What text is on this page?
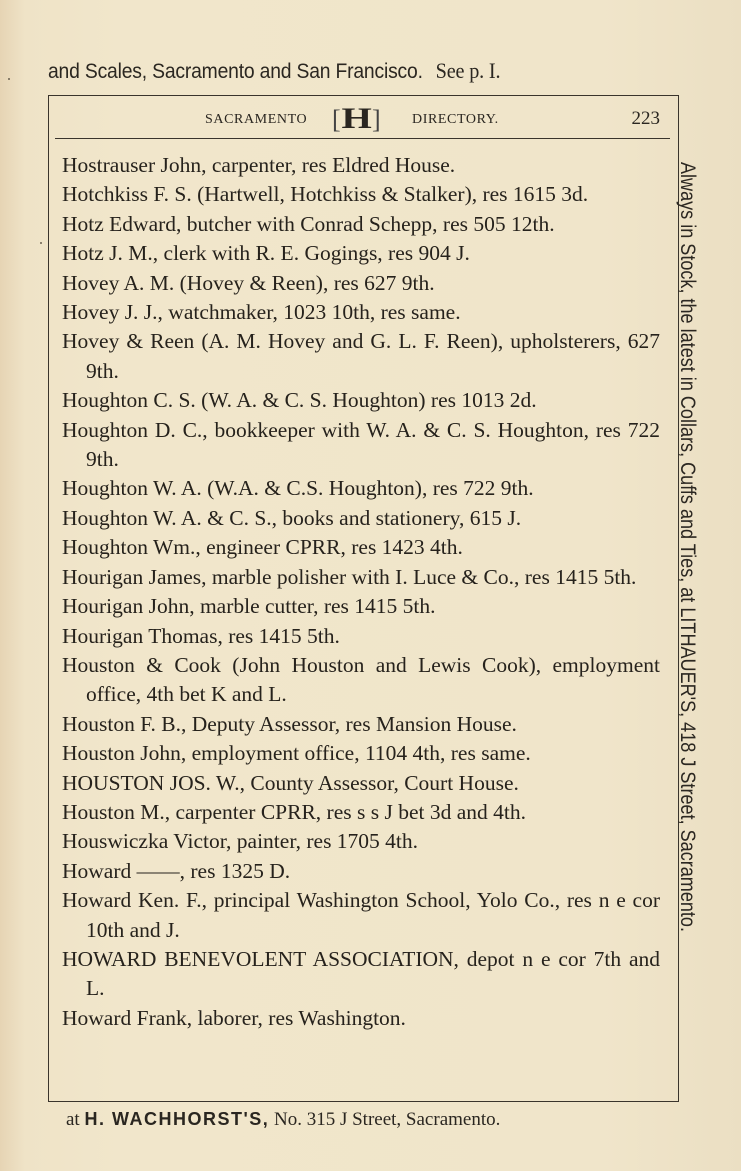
and Scales, Sacramento and San Francisco. See p. I.
SACRAMENTO [H] DIRECTORY.	223
Hostrauser John, carpenter, res Eldred House.
Hotchkiss F. S. (Hartwell, Hotchkiss & Stalker), res 1615 3d.
Hotz Edward, butcher with Conrad Schepp, res 505 12th.
Hotz J. M., clerk with R. E. Gogings, res 904 J.
Hovey A. M. (Hovey & Reen), res 627 9th.
Hovey J. J., watchmaker, 1023 10th, res same.
Hovey & Reen (A. M. Hovey and G. L. F. Reen), upholsterers, 627 9th.
Houghton C. S. (W. A. & C. S. Houghton) res 1013 2d.
Houghton D. C., bookkeeper with W. A. & C. S. Houghton, res 722 9th.
Houghton W. A. (W.A. & C.S. Houghton), res 722 9th.
Houghton W. A. & C. S., books and stationery, 615 J.
Houghton Wm., engineer CPRR, res 1423 4th.
Hourigan James, marble polisher with I. Luce & Co., res 1415 5th.
Hourigan John, marble cutter, res 1415 5th.
Hourigan Thomas, res 1415 5th.
Houston & Cook (John Houston and Lewis Cook), employment office, 4th bet K and L.
Houston F. B., Deputy Assessor, res Mansion House.
Houston John, employment office, 1104 4th, res same.
HOUSTON JOS. W., County Assessor, Court House.
Houston M., carpenter CPRR, res s s J bet 3d and 4th.
Houswiczka Victor, painter, res 1705 4th.
Howard ——, res 1325 D.
Howard Ken. F., principal Washington School, Yolo Co., res n e cor 10th and J.
HOWARD BENEVOLENT ASSOCIATION, depot n e cor 7th and L.
Howard Frank, laborer, res Washington.
Always in Stock, the latest in Collars, Cuffs and Ties, at LITHAUER'S, 418 J Street, Sacramento.
at H. WACHHORST'S, No. 315 J Street, Sacramento.
